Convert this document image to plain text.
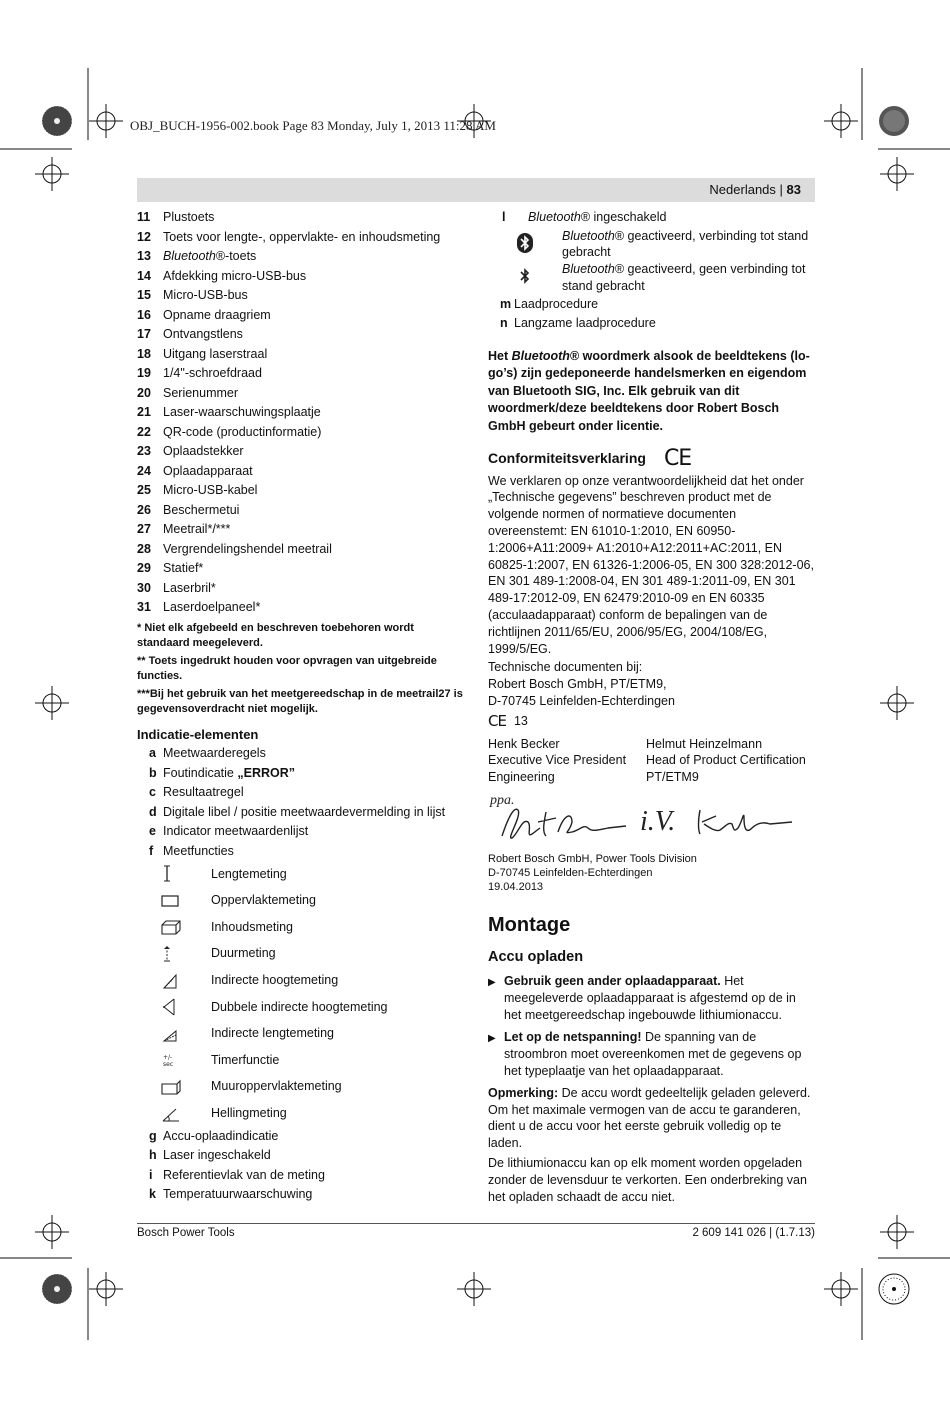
OBJ_BUCH-1956-002.book Page 83 Monday, July 1, 2013 11:28 AM
Nederlands | 83
11	Plustoets
12 Toets voor lengte-, oppervlakte- en inhoudsmeting
13 Bluetooth®-toets
14 Afdekking micro-USB-bus
15 Micro-USB-bus
16 Opname draagriem
17 Ontvangstlens
18 Uitgang laserstraal
19 1/4"-schroefdraad
20 Serienummer
21 Laser-waarschuwingsplaatje
22 QR-code (productinformatie)
23 Oplaadstekker
24 Oplaadapparaat
25 Micro-USB-kabel
26 Beschermetui
27 Meetrail*/***
28 Vergrendelingshendel meetrail
29 Statief*
30 Laserbril*
31 Laserdoelpaneel*
* Niet elk afgebeeld en beschreven toebehoren wordt standaard meegeleverd.
** Toets ingedrukt houden voor opvragen van uitgebreide functies.
***Bij het gebruik van het meetgereedschap in de meetrail27 is gegevensoverdracht niet mogelijk.
Indicatie-elementen
a Meetwaarderegels
b Foutindicatie „ERROR”
c Resultaatregel
d Digitale libel / positie meetwaardevermelding in lijst
e Indicator meetwaardenlijst
f Meetfuncties
Lengtemeting
Oppervlaktemeting
Inhoudsmeting
Duurmeting
Indirecte hoogtemeting
Dubbele indirecte hoogtemeting
Indirecte lengtemeting
+/-
sec	Timerfunctie
Muuroppervlaktemeting
Hellingmeting
g Accu-oplaadindicatie
h Laser ingeschakeld
i Referentievlak van de meting
k Temperatuurwaarschuwing
l	Bluetooth® ingeschakeld
Bluetooth® geactiveerd, verbinding tot stand gebracht
Bluetooth® geactiveerd, geen verbinding tot stand gebracht
m Laadprocedure
n Langzame laadprocedure
Het Bluetooth® woordmerk alsook de beeldtekens (logo’s) zijn gedeponeerde handelsmerken en eigendom van Bluetooth SIG, Inc. Elk gebruik van dit woordmerk/deze beeldtekens door Robert Bosch GmbH gebeurt onder licentie.
Conformiteitsverklaring CE
We verklaren op onze verantwoordelijkheid dat het onder „Technische gegevens” beschreven product met de volgende normen of normatieve documenten overeenstemt: EN 61010-1:2010, EN 60950-1:2006+A11:2009+ A1:2010+A12:2011+AC:2011, EN 60825-1:2007, EN 61326-1:2006-05, EN 300 328:2012-06, EN 301 489-1:2008-04, EN 301 489-1:2011-09, EN 301 489-17:2012-09, EN 62479:2010-09 en EN 60335 (acculaadapparaat) conform de bepalingen van de richtlijnen 2011/65/EU, 2006/95/EG, 2004/108/EG, 1999/5/EG.
Technische documenten bij:
Robert Bosch GmbH, PT/ETM9,
D-70745 Leinfelden-Echterdingen
CE 13
Henk Becker	Helmut Heinzelmann
Executive Vice President	Head of Product Certification
Engineering	PT/ETM9
ppa.
i.V.
Robert Bosch GmbH, Power Tools Division
D-70745 Leinfelden-Echterdingen
19.04.2013
Montage
Accu opladen
▶ Gebruik geen ander oplaadapparaat. Het meegeleverde oplaadapparaat is afgestemd op de in het meetgereedschap ingebouwde lithiumionaccu.
▶ Let op de netspanning! De spanning van de stroombron moet overeenkomen met de gegevens op het typeplaatje van het oplaadapparaat.
Opmerking: De accu wordt gedeeltelijk geladen geleverd. Om het maximale vermogen van de accu te garanderen, dient u de accu voor het eerste gebruik volledig op te laden.
De lithiumionaccu kan op elk moment worden opgeladen zonder de levensduur te verkorten. Een onderbreking van het opladen schaadt de accu niet.
Bosch Power Tools	2 609 141 026 | (1.7.13)
